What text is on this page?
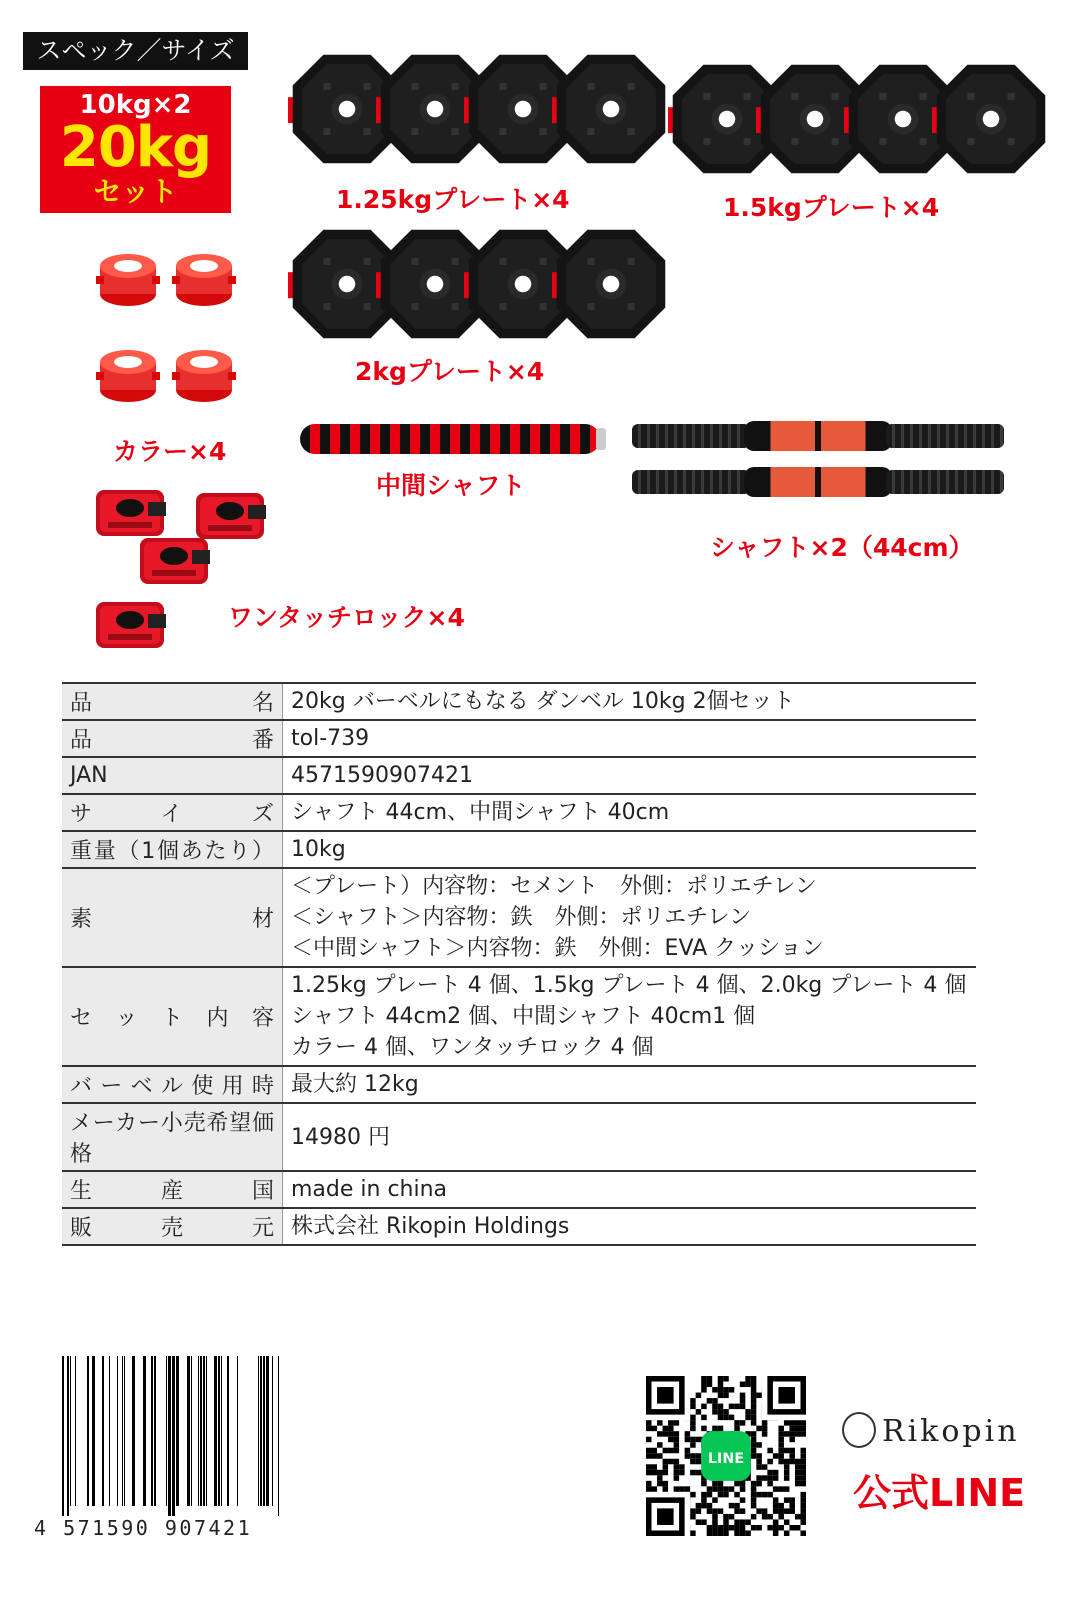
スペック／サイズ
10kg×2
20kg
セット	1.25kgプレート×4	1.5kgプレート×4
2kgプレート×4
カラー×4
中間シャフト
シャフト×2（44cm）
ワンタッチロック×4
品名	20kg バーベルにもなる ダンベル 10kg 2個セット

品番	tol-739

JAN	4571590907421

サイズ	シャフト 44cm、中間シャフト 40cm

重量（1個あたり）	10kg

素材	＜プレート）内容物：セメント　外側：ポリエチレン
＜シャフト＞内容物：鉄　外側：ポリエチレン
＜中間シャフト＞内容物：鉄　外側：EVA クッション

セット内容	1.25kg プレート 4 個、1.5kg プレート 4 個、2.0kg プレート 4 個
シャフト 44cm2 個、中間シャフト 40cm1 個
カラー 4 個、ワンタッチロック 4 個

バーベル使用時	最大約 12kg

メーカー小売希望価格	14980 円

生産国	made in china

販売元	株式会社 Rikopin Holdings
4 571590 907421
LINE
Rikopin
公式LINE
